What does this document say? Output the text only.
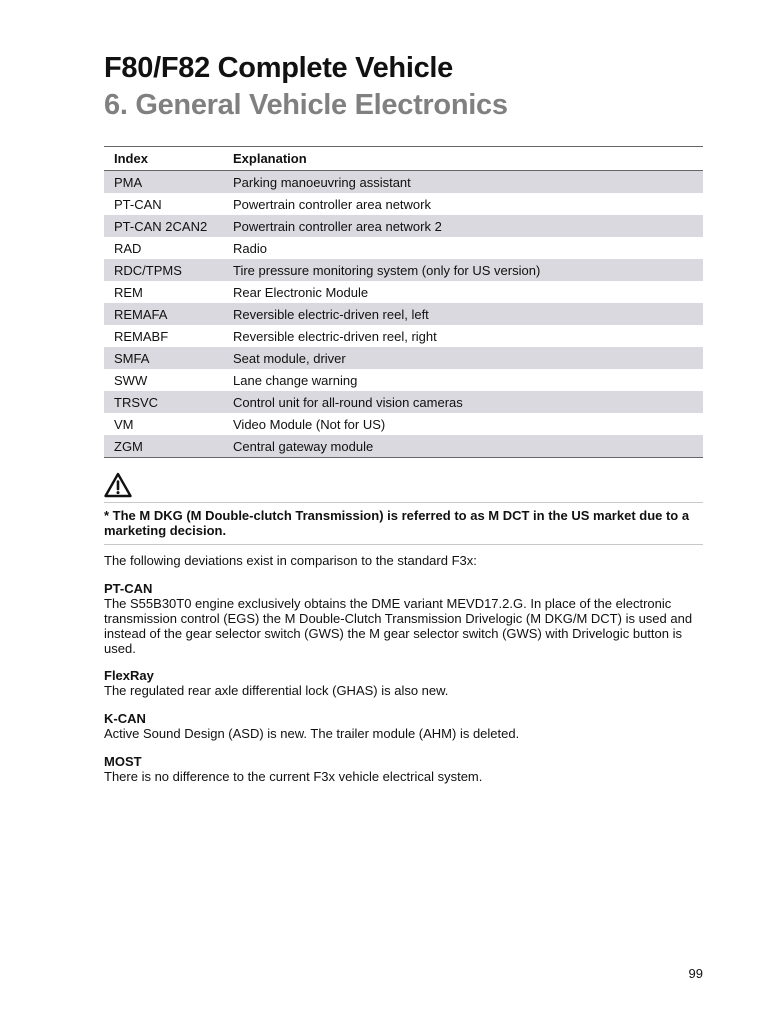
F80/F82 Complete Vehicle
6. General Vehicle Electronics
Index	Explanation
PMA	Parking manoeuvring assistant
PT-CAN	Powertrain controller area network
PT-CAN 2CAN2	Powertrain controller area network 2
RAD	Radio
RDC/TPMS	Tire pressure monitoring system (only for US version)
REM	Rear Electronic Module
REMAFA	Reversible electric-driven reel, left
REMABF	Reversible electric-driven reel, right
SMFA	Seat module, driver
SWW	Lane change warning
TRSVC	Control unit for all-round vision cameras
VM	Video Module (Not for US)
ZGM	Central gateway module
* The M DKG (M Double-clutch Transmission) is referred to as M DCT in the US market due to a marketing decision.
The following deviations exist in comparison to the standard F3x:
PT-CAN
The S55B30T0 engine exclusively obtains the DME variant MEVD17.2.G. In place of the electronic transmission control (EGS) the M Double-Clutch Transmission Drivelogic (M DKG/M DCT) is used and instead of the gear selector switch (GWS) the M gear selector switch (GWS) with Drivelogic button is used.
FlexRay
The regulated rear axle differential lock (GHAS) is also new.
K-CAN
Active Sound Design (ASD) is new. The trailer module (AHM) is deleted.
MOST
There is no difference to the current F3x vehicle electrical system.
99
